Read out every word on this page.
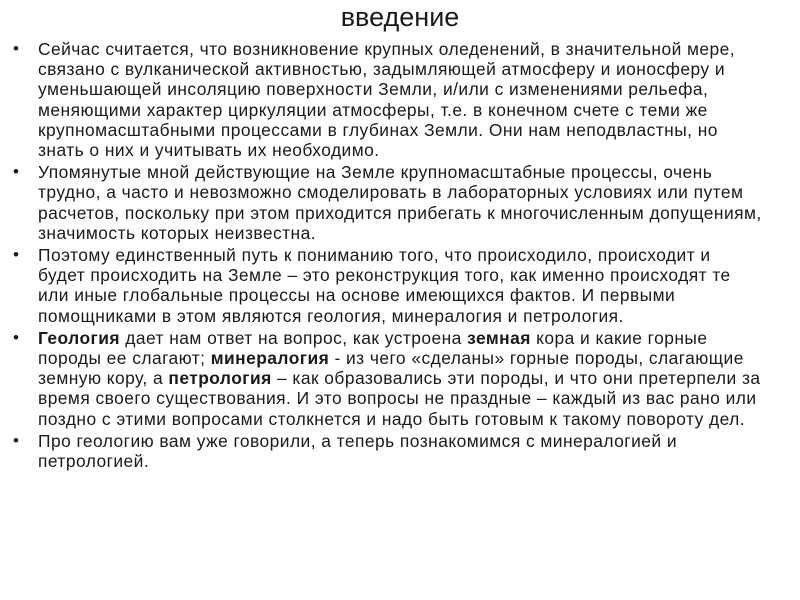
введение
• Сейчас считается, что возникновение крупных оледенений, в значительной мере, связано с вулканической активностью, задымляющей атмосферу и ионосферу и уменьшающей инсоляцию поверхности Земли, и/или с изменениями рельефа, меняющими характер циркуляции атмосферы, т.е. в конечном счете с теми же крупномасштабными процессами в глубинах Земли. Они нам неподвластны, но знать о них и учитывать их необходимо.
• Упомянутые мной действующие на Земле крупномасштабные процессы, очень трудно, а часто и невозможно смоделировать в лабораторных условиях или путем расчетов, поскольку при этом приходится прибегать к многочисленным допущениям, значимость которых неизвестна.
• Поэтому единственный путь к пониманию того, что происходило, происходит и будет происходить на Земле – это реконструкция того, как именно происходят те или иные глобальные процессы на основе имеющихся фактов. И первыми помощниками в этом являются геология, минералогия и петрология.
• Геология дает нам ответ на вопрос, как устроена земная кора и какие горные породы ее слагают; минералогия - из чего «сделаны» горные породы, слагающие земную кору, а петрология – как образовались эти породы, и что они претерпели за время своего существования. И это вопросы не праздные – каждый из вас рано или поздно с этими вопросами столкнется и надо быть готовым к такому повороту дел.
• Про геологию вам уже говорили, а теперь познакомимся с минералогией и петрологией.
